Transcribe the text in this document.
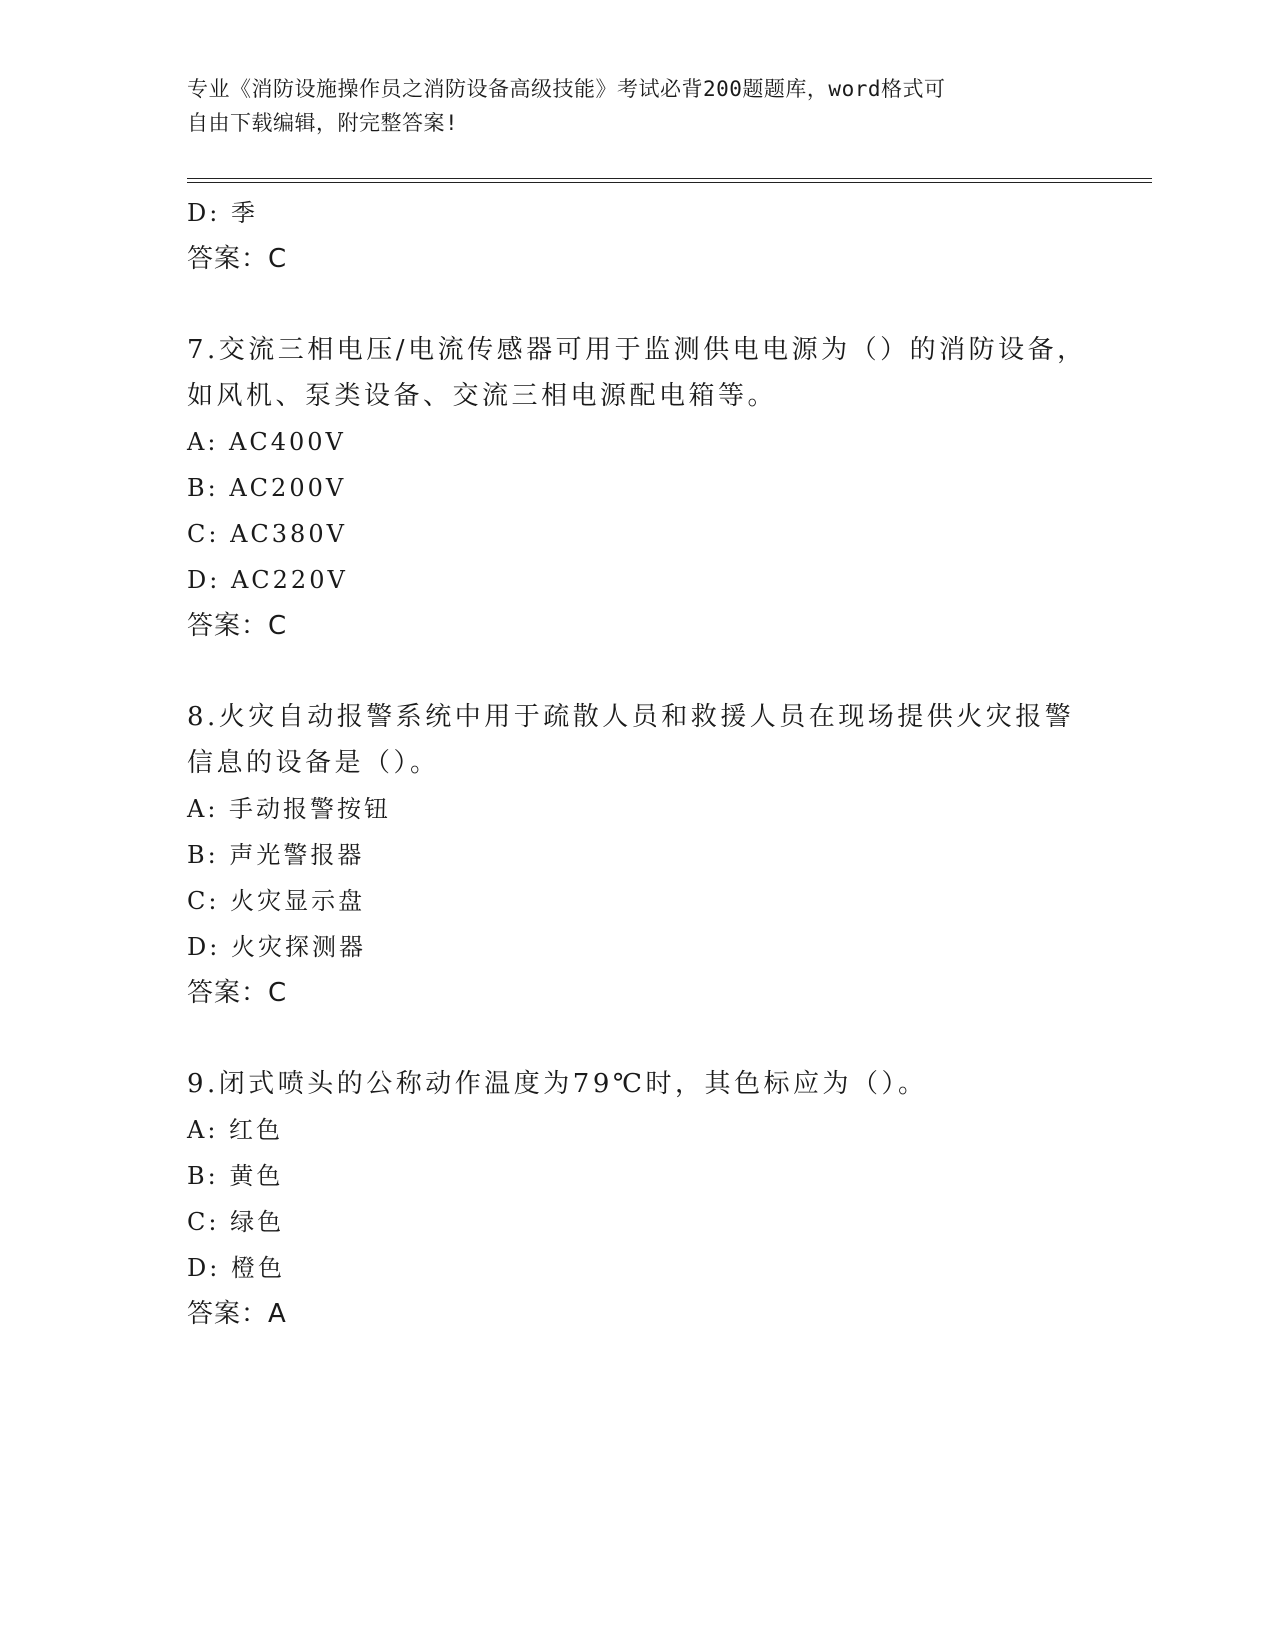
专业《消防设施操作员之消防设备高级技能》考试必背200题题库，word格式可
自由下载编辑，附完整答案!
D: 季
答案：C
7.交流三相电压/电流传感器可用于监测供电电源为（）的消防设备，
如风机、泵类设备、交流三相电源配电箱等。
A: AC400V
B: AC200V
C: AC380V
D: AC220V
答案：C
8.火灾自动报警系统中用于疏散人员和救援人员在现场提供火灾报警
信息的设备是（）。
A: 手动报警按钮
B: 声光警报器
C: 火灾显示盘
D: 火灾探测器
答案：C
9.闭式喷头的公称动作温度为79℃时，其色标应为（）。
A: 红色
B: 黄色
C: 绿色
D: 橙色
答案：A
